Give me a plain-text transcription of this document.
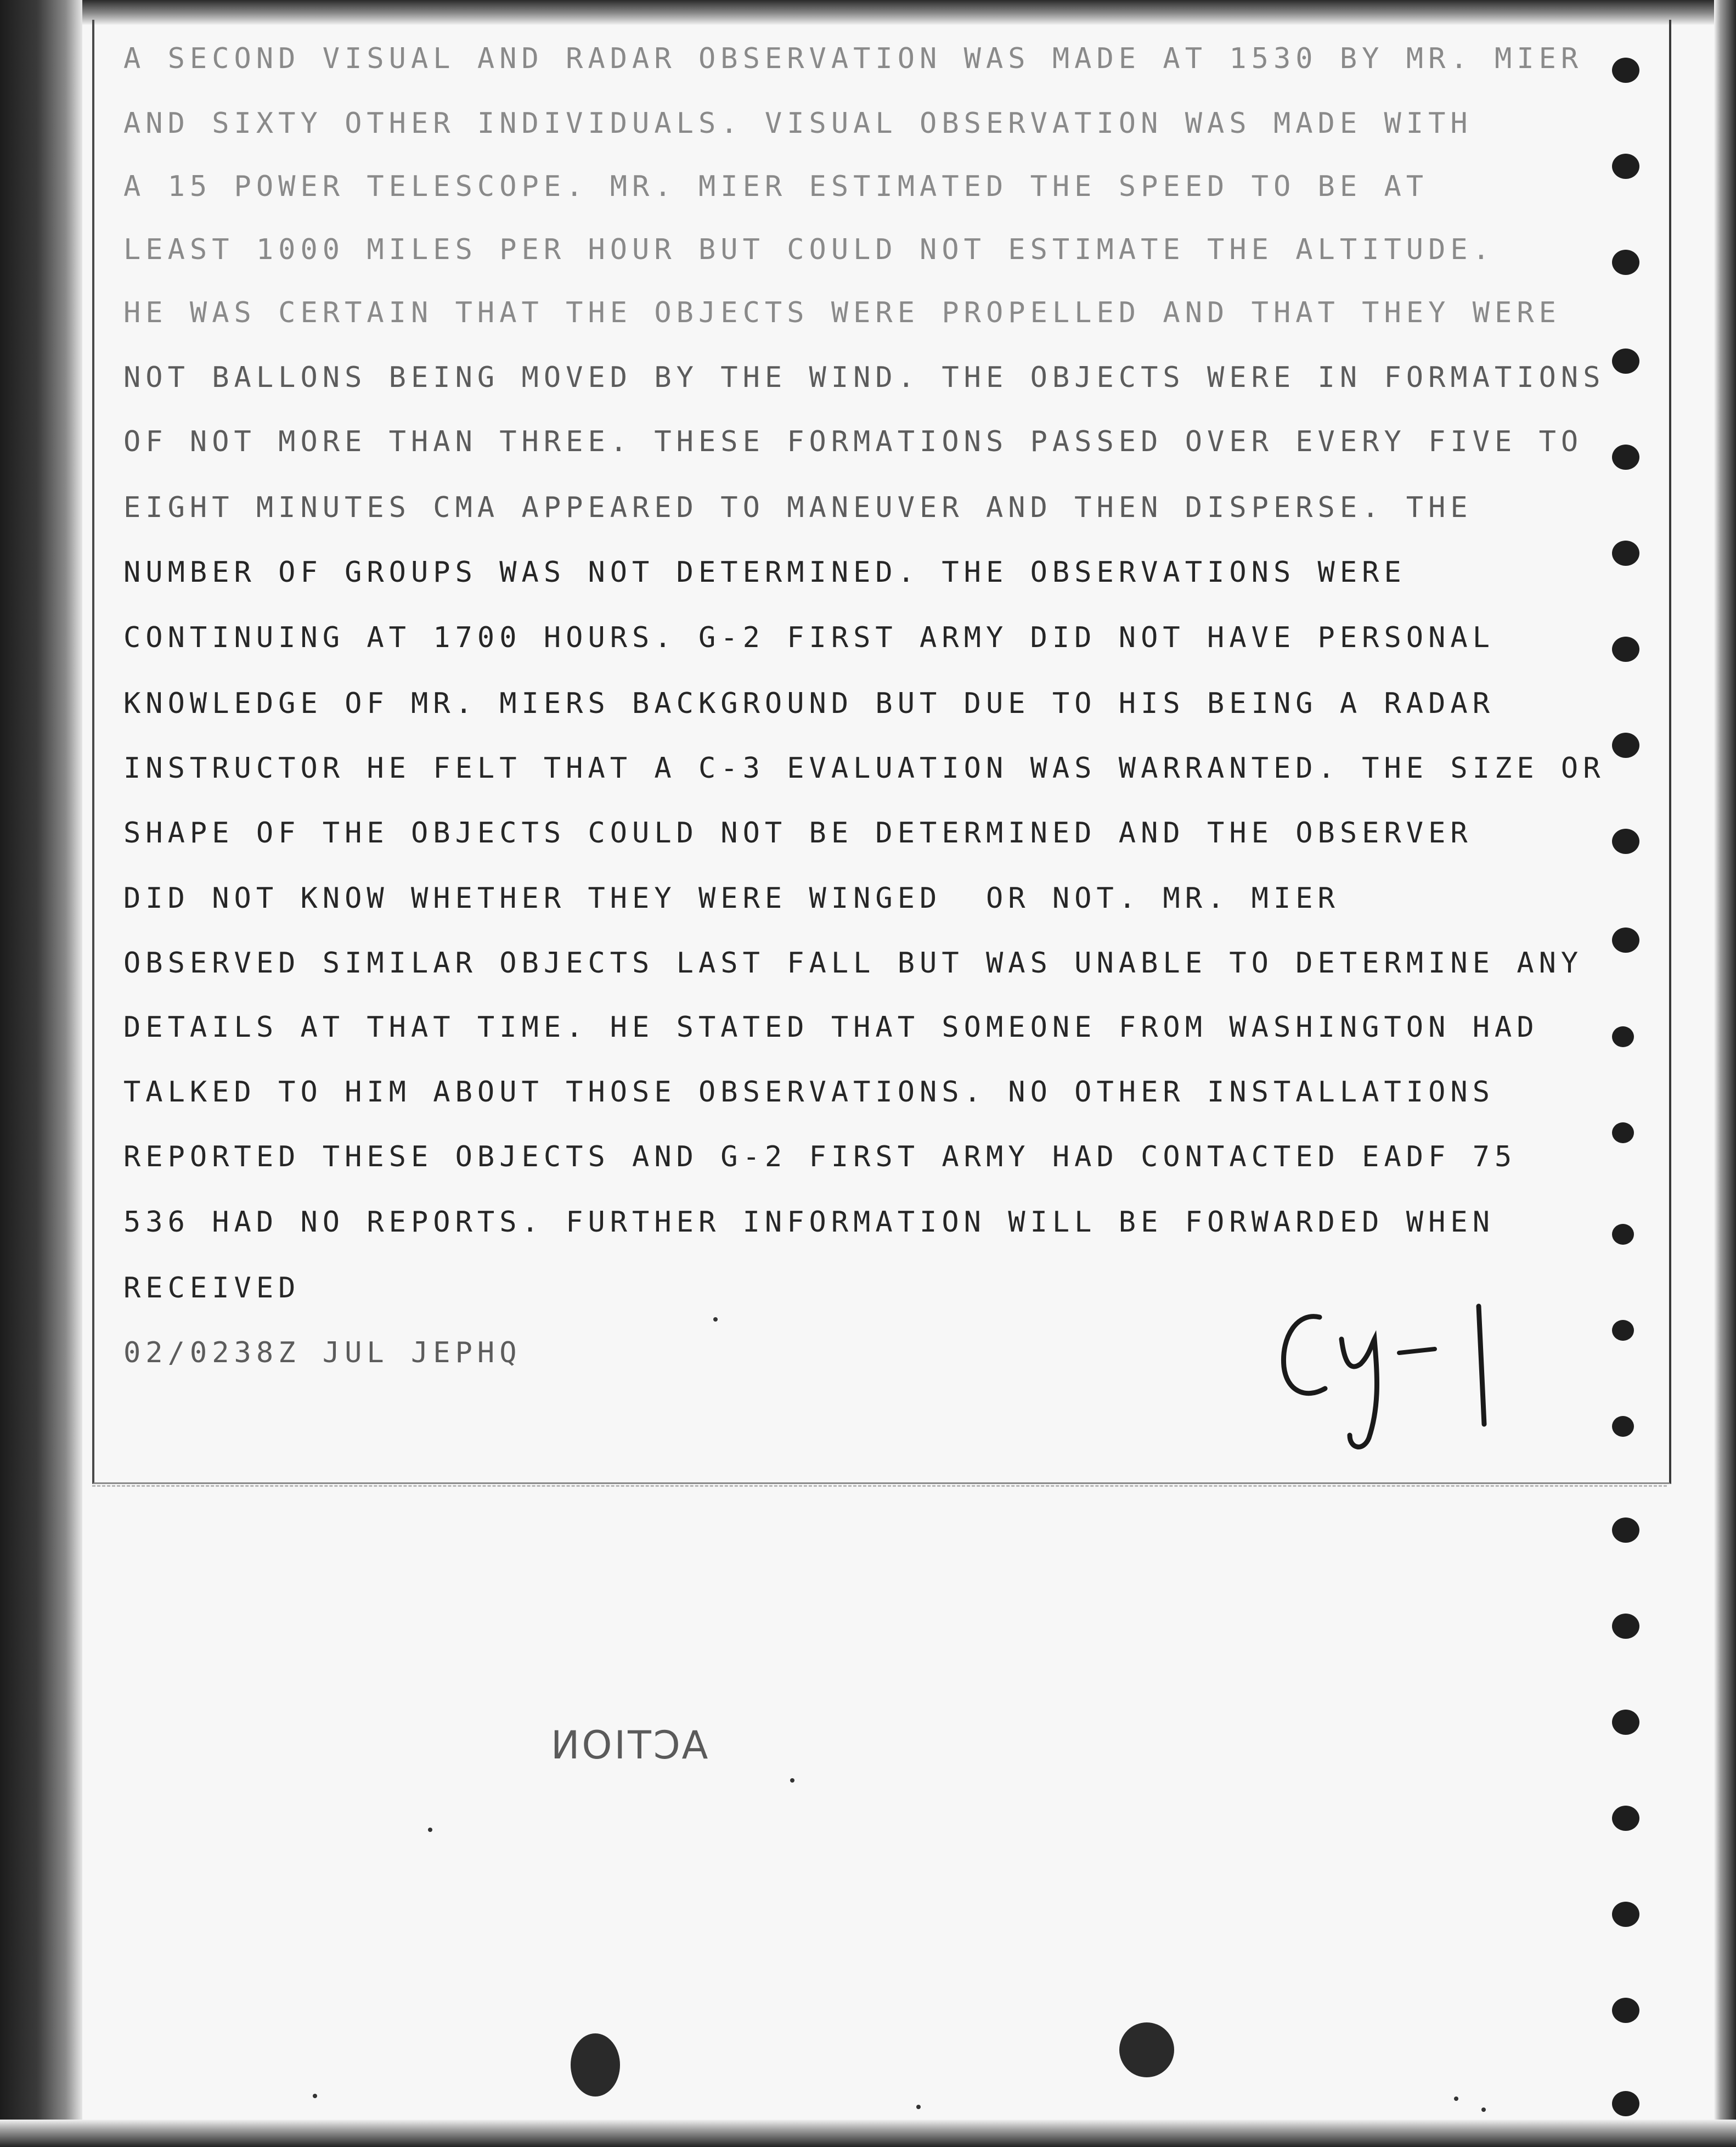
A SECOND VISUAL AND RADAR OBSERVATION WAS MADE AT 1530 BY MR. MIER
AND SIXTY OTHER INDIVIDUALS. VISUAL OBSERVATION WAS MADE WITH
A 15 POWER TELESCOPE. MR. MIER ESTIMATED THE SPEED TO BE AT
LEAST 1000 MILES PER HOUR BUT COULD NOT ESTIMATE THE ALTITUDE.
HE WAS CERTAIN THAT THE OBJECTS WERE PROPELLED AND THAT THEY WERE
NOT BALLONS BEING MOVED BY THE WIND. THE OBJECTS WERE IN FORMATIONS
OF NOT MORE THAN THREE. THESE FORMATIONS PASSED OVER EVERY FIVE TO
EIGHT MINUTES CMA APPEARED TO MANEUVER AND THEN DISPERSE. THE
NUMBER OF GROUPS WAS NOT DETERMINED. THE OBSERVATIONS WERE
CONTINUING AT 1700 HOURS. G-2 FIRST ARMY DID NOT HAVE PERSONAL
KNOWLEDGE OF MR. MIERS BACKGROUND BUT DUE TO HIS BEING A RADAR
INSTRUCTOR HE FELT THAT A C-3 EVALUATION WAS WARRANTED. THE SIZE OR
SHAPE OF THE OBJECTS COULD NOT BE DETERMINED AND THE OBSERVER
DID NOT KNOW WHETHER THEY WERE WINGED  OR NOT. MR. MIER
OBSERVED SIMILAR OBJECTS LAST FALL BUT WAS UNABLE TO DETERMINE ANY
DETAILS AT THAT TIME. HE STATED THAT SOMEONE FROM WASHINGTON HAD
TALKED TO HIM ABOUT THOSE OBSERVATIONS. NO OTHER INSTALLATIONS
REPORTED THESE OBJECTS AND G-2 FIRST ARMY HAD CONTACTED EADF 75
536 HAD NO REPORTS. FURTHER INFORMATION WILL BE FORWARDED WHEN
RECEIVED
02/0238Z JUL JEPHQ
ACTION
